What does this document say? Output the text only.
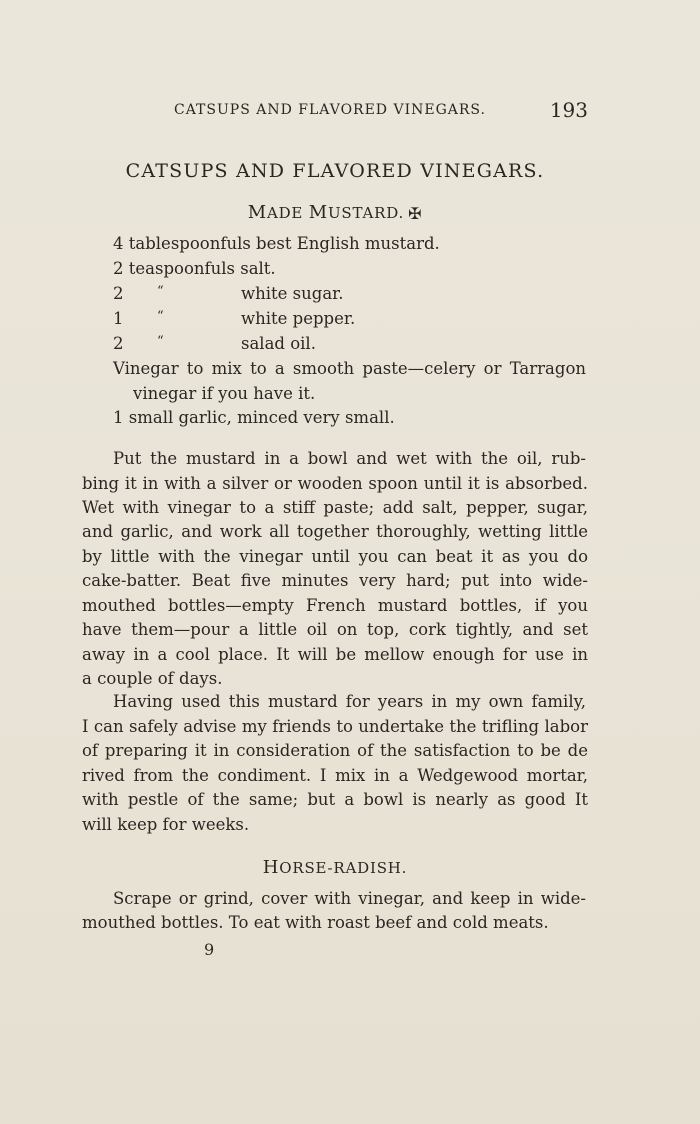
CATSUPS AND FLAVORED VINEGARS.	193
CATSUPS AND FLAVORED VINEGARS.
MADE MUSTARD. ✠
4 tablespoonfuls best English mustard.
2 teaspoonfuls salt.
2	“	white sugar.
1	“	white pepper.
2	“	salad oil.
Vinegar to mix to a smooth paste—celery or Tarragon
vinegar if you have it.
1 small garlic, minced very small.
Put the mustard in a bowl and wet with the oil, rub-
bing it in with a silver or wooden spoon until it is absorbed.
Wet with vinegar to a stiff paste; add salt, pepper, sugar,
and garlic, and work all together thoroughly, wetting little
by little with the vinegar until you can beat it as you do
cake-batter. Beat five minutes very hard; put into wide-
mouthed bottles—empty French mustard bottles, if you
have them—pour a little oil on top, cork tightly, and set
away in a cool place. It will be mellow enough for use in
a couple of days.
Having used this mustard for years in my own family,
I can safely advise my friends to undertake the trifling labor
of preparing it in consideration of the satisfaction to be de
rived from the condiment. I mix in a Wedgewood mortar,
with pestle of the same; but a bowl is nearly as good It
will keep for weeks.
HORSE-RADISH.
Scrape or grind, cover with vinegar, and keep in wide-
mouthed bottles. To eat with roast beef and cold meats.
9
